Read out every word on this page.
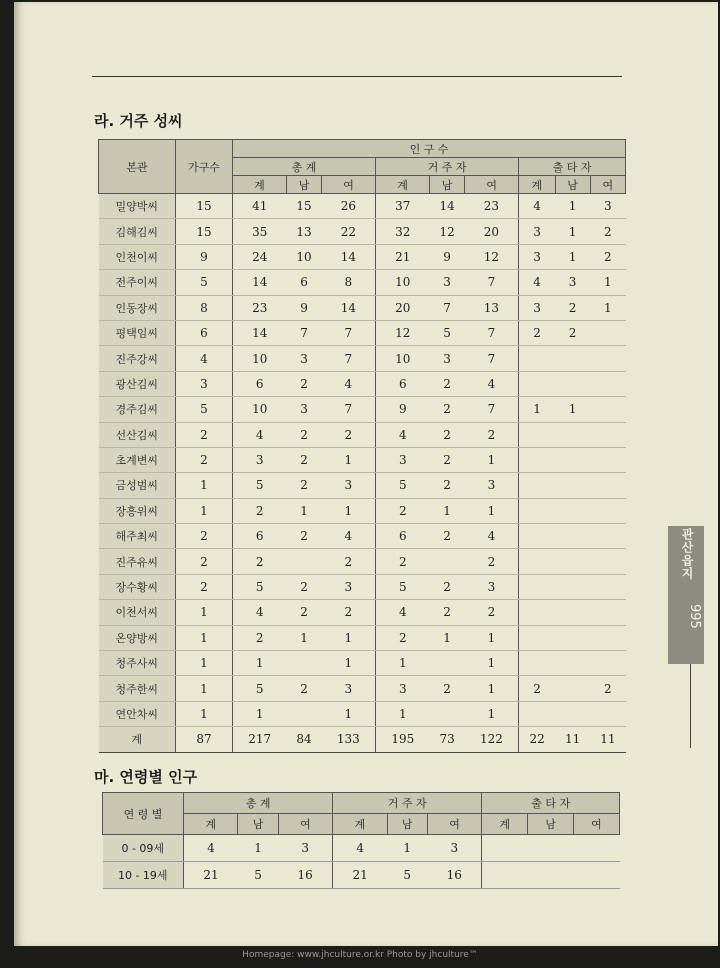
라. 거주 성씨
본관	가구수	인 구 수								
		총 계			거 주 자			출 타 자		
		계	남	여	계	남	여	계	남	여
밀양박씨	15	41	15	26	37	14	23	4	1	3
김해김씨	15	35	13	22	32	12	20	3	1	2
인천이씨	9	24	10	14	21	9	12	3	1	2
전주이씨	5	14	6	8	10	3	7	4	3	1
인동장씨	8	23	9	14	20	7	13	3	2	1
평택임씨	6	14	7	7	12	5	7	2	2	
진주강씨	4	10	3	7	10	3	7			
광산김씨	3	6	2	4	6	2	4			
경주김씨	5	10	3	7	9	2	7	1	1	
선산김씨	2	4	2	2	4	2	2			
초계변씨	2	3	2	1	3	2	1			
금성범씨	1	5	2	3	5	2	3			
장흥위씨	1	2	1	1	2	1	1			
해주최씨	2	6	2	4	6	2	4			
진주유씨	2	2		2	2		2			
장수황씨	2	5	2	3	5	2	3			
이천서씨	1	4	2	2	4	2	2			
온양방씨	1	2	1	1	2	1	1			
청주사씨	1	1		1	1		1			
청주한씨	1	5	2	3	3	2	1	2		2
연안차씨	1	1		1	1		1			
계	87	217	84	133	195	73	122	22	11	11
마. 연령별 인구
연 령 별	총 계			거 주 자			출 타 자		
	계	남	여	계	남	여	계	남	여
0 - 09세	4	1	3	4	1	3			
10 - 19세	21	5	16	21	5	16			
관산읍지
995
Homepage: www.jhculture.or.kr Photo by jhculture™
